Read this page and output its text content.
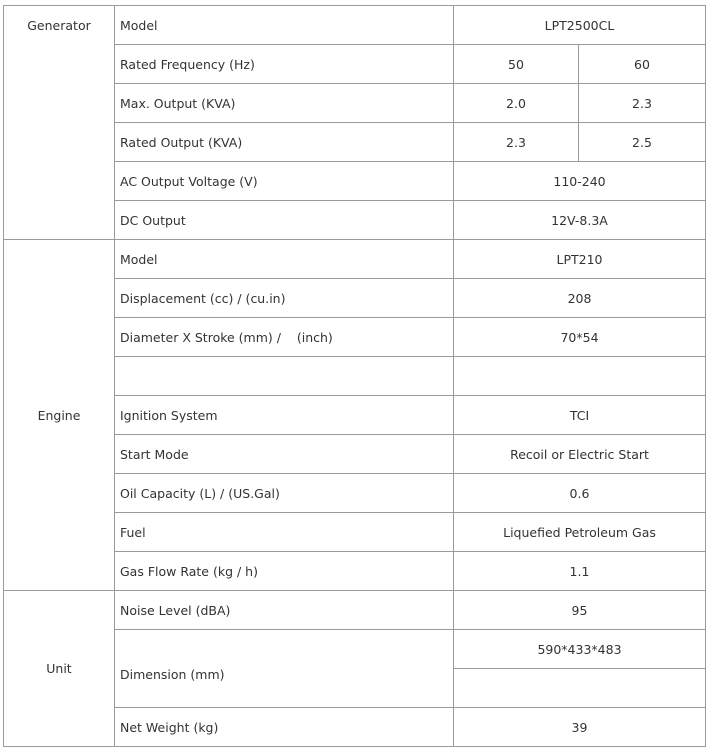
Generator	Model	LPT2500CL	
	Rated Frequency (Hz)	50	60
	Max. Output (KVA)	2.0	2.3
	Rated Output (KVA)	2.3	2.5
	AC Output Voltage (V)	110-240	
	DC Output	12V-8.3A	
Engine	Model	LPT210	
	Displacement (cc) / (cu.in)	208	
	Diameter X Stroke (mm) /    (inch)	70*54	

	Ignition System	TCI	
	Start Mode	Recoil or Electric Start	
	Oil Capacity (L) / (US.Gal)	0.6	
	Fuel	Liquefied Petroleum Gas	
	Gas Flow Rate (kg / h)	1.1	
Unit	Noise Level (dBA)	95	
	Dimension (mm)	590*433*483	

	Net Weight (kg)	39	
